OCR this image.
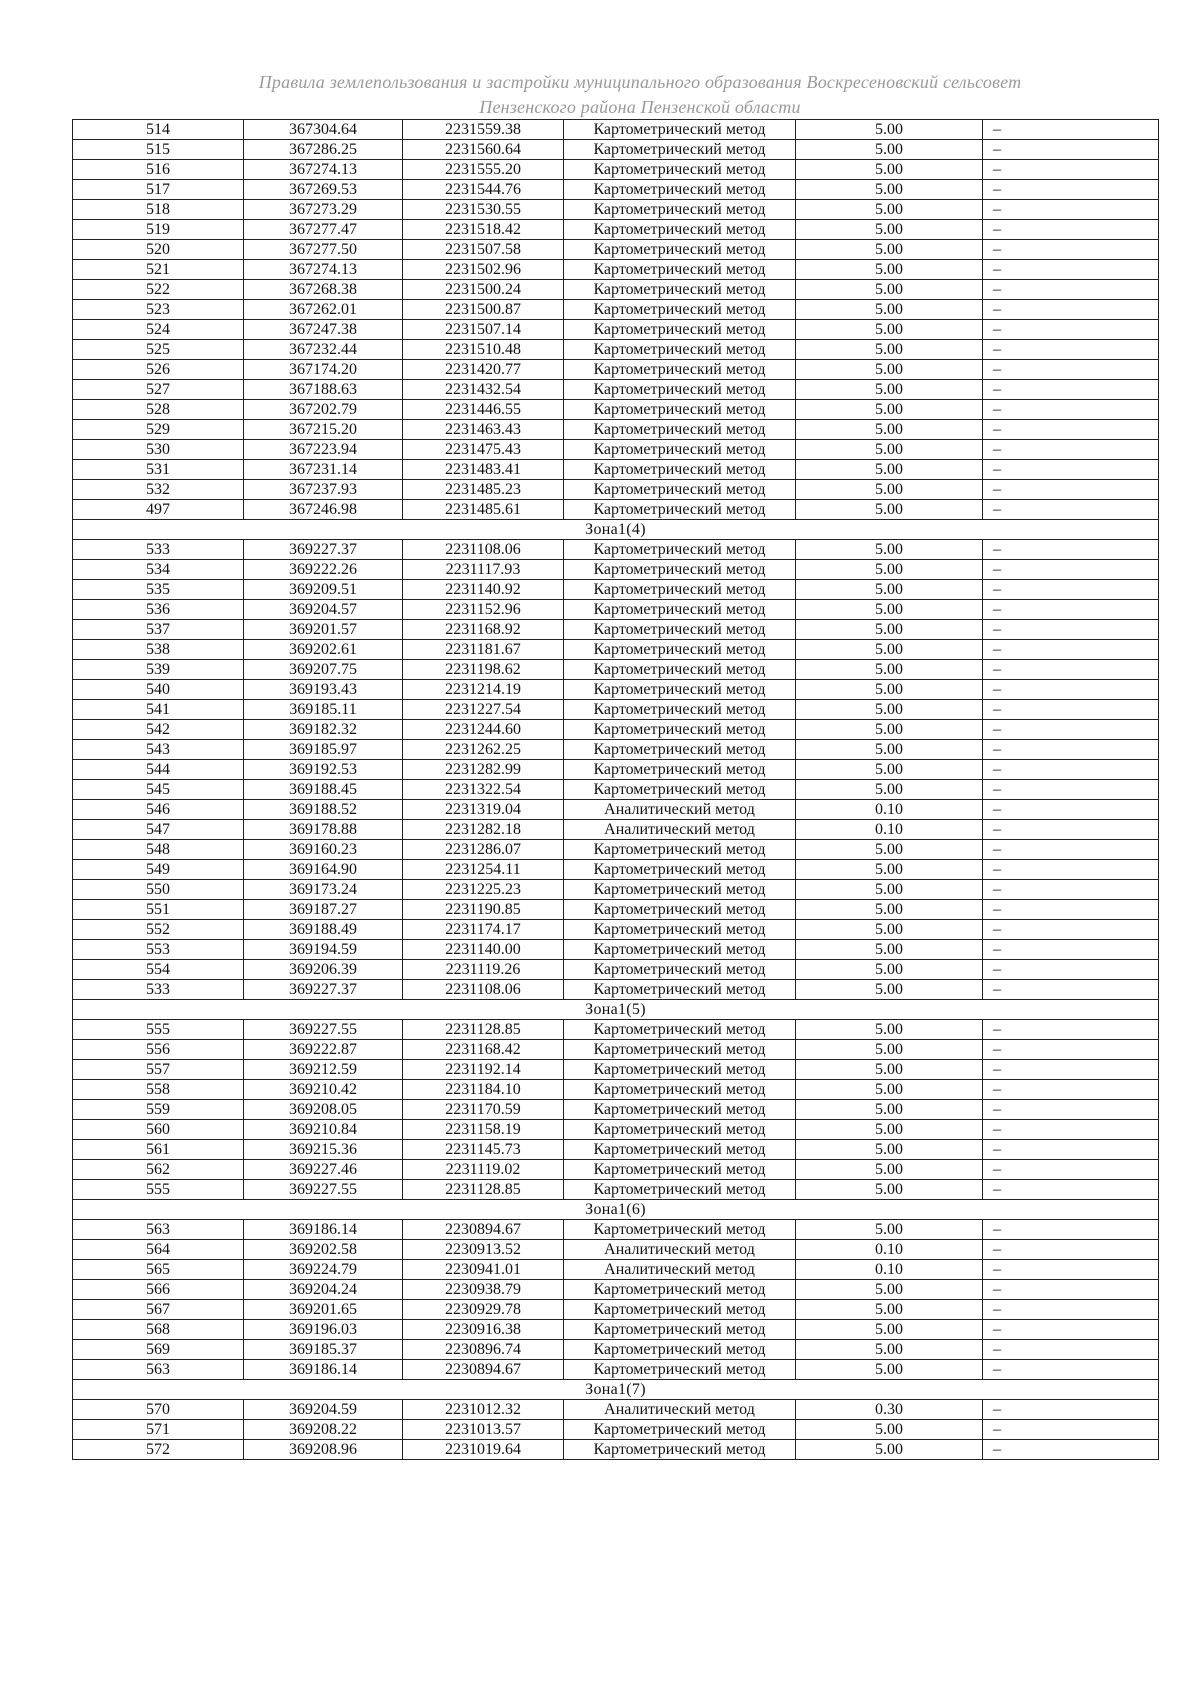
Правила землепользования и застройки муниципального образования Воскресеновский сельсовет
Пензенского района Пензенской области
514	367304.64	2231559.38	Картометрический метод	5.00	–
515	367286.25	2231560.64	Картометрический метод	5.00	–
516	367274.13	2231555.20	Картометрический метод	5.00	–
517	367269.53	2231544.76	Картометрический метод	5.00	–
518	367273.29	2231530.55	Картометрический метод	5.00	–
519	367277.47	2231518.42	Картометрический метод	5.00	–
520	367277.50	2231507.58	Картометрический метод	5.00	–
521	367274.13	2231502.96	Картометрический метод	5.00	–
522	367268.38	2231500.24	Картометрический метод	5.00	–
523	367262.01	2231500.87	Картометрический метод	5.00	–
524	367247.38	2231507.14	Картометрический метод	5.00	–
525	367232.44	2231510.48	Картометрический метод	5.00	–
526	367174.20	2231420.77	Картометрический метод	5.00	–
527	367188.63	2231432.54	Картометрический метод	5.00	–
528	367202.79	2231446.55	Картометрический метод	5.00	–
529	367215.20	2231463.43	Картометрический метод	5.00	–
530	367223.94	2231475.43	Картометрический метод	5.00	–
531	367231.14	2231483.41	Картометрический метод	5.00	–
532	367237.93	2231485.23	Картометрический метод	5.00	–
497	367246.98	2231485.61	Картометрический метод	5.00	–
Зона1(4)					
533	369227.37	2231108.06	Картометрический метод	5.00	–
534	369222.26	2231117.93	Картометрический метод	5.00	–
535	369209.51	2231140.92	Картометрический метод	5.00	–
536	369204.57	2231152.96	Картометрический метод	5.00	–
537	369201.57	2231168.92	Картометрический метод	5.00	–
538	369202.61	2231181.67	Картометрический метод	5.00	–
539	369207.75	2231198.62	Картометрический метод	5.00	–
540	369193.43	2231214.19	Картометрический метод	5.00	–
541	369185.11	2231227.54	Картометрический метод	5.00	–
542	369182.32	2231244.60	Картометрический метод	5.00	–
543	369185.97	2231262.25	Картометрический метод	5.00	–
544	369192.53	2231282.99	Картометрический метод	5.00	–
545	369188.45	2231322.54	Картометрический метод	5.00	–
546	369188.52	2231319.04	Аналитический метод	0.10	–
547	369178.88	2231282.18	Аналитический метод	0.10	–
548	369160.23	2231286.07	Картометрический метод	5.00	–
549	369164.90	2231254.11	Картометрический метод	5.00	–
550	369173.24	2231225.23	Картометрический метод	5.00	–
551	369187.27	2231190.85	Картометрический метод	5.00	–
552	369188.49	2231174.17	Картометрический метод	5.00	–
553	369194.59	2231140.00	Картометрический метод	5.00	–
554	369206.39	2231119.26	Картометрический метод	5.00	–
533	369227.37	2231108.06	Картометрический метод	5.00	–
Зона1(5)					
555	369227.55	2231128.85	Картометрический метод	5.00	–
556	369222.87	2231168.42	Картометрический метод	5.00	–
557	369212.59	2231192.14	Картометрический метод	5.00	–
558	369210.42	2231184.10	Картометрический метод	5.00	–
559	369208.05	2231170.59	Картометрический метод	5.00	–
560	369210.84	2231158.19	Картометрический метод	5.00	–
561	369215.36	2231145.73	Картометрический метод	5.00	–
562	369227.46	2231119.02	Картометрический метод	5.00	–
555	369227.55	2231128.85	Картометрический метод	5.00	–
Зона1(6)					
563	369186.14	2230894.67	Картометрический метод	5.00	–
564	369202.58	2230913.52	Аналитический метод	0.10	–
565	369224.79	2230941.01	Аналитический метод	0.10	–
566	369204.24	2230938.79	Картометрический метод	5.00	–
567	369201.65	2230929.78	Картометрический метод	5.00	–
568	369196.03	2230916.38	Картометрический метод	5.00	–
569	369185.37	2230896.74	Картометрический метод	5.00	–
563	369186.14	2230894.67	Картометрический метод	5.00	–
Зона1(7)					
570	369204.59	2231012.32	Аналитический метод	0.30	–
571	369208.22	2231013.57	Картометрический метод	5.00	–
572	369208.96	2231019.64	Картометрический метод	5.00	–
